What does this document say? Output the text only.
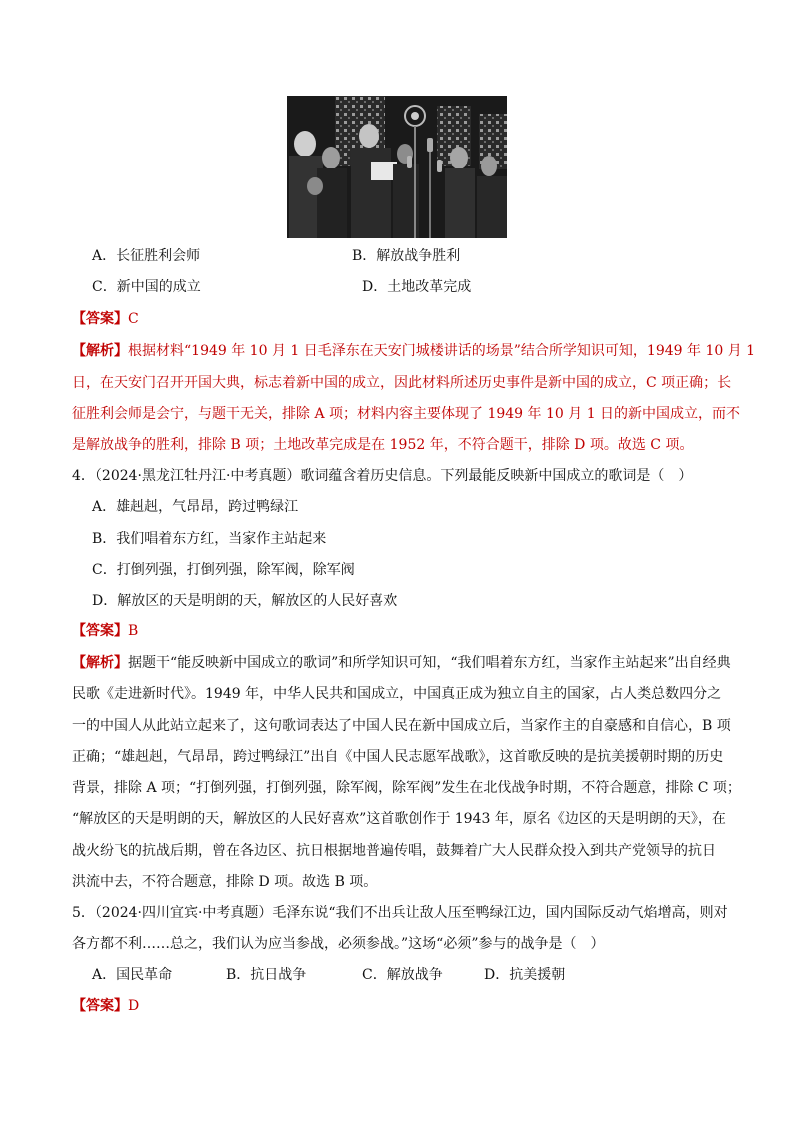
A．长征胜利会师	B．解放战争胜利
C．新中国的成立	D．土地改革完成
【答案】C
【解析】根据材料“1949 年 10 月 1 日毛泽东在天安门城楼讲话的场景”结合所学知识可知，1949 年 10 月 1
日，在天安门召开开国大典，标志着新中国的成立，因此材料所述历史事件是新中国的成立，C 项正确；长
征胜利会师是会宁，与题干无关，排除 A 项；材料内容主要体现了 1949 年 10 月 1 日的新中国成立，而不
是解放战争的胜利，排除 B 项；土地改革完成是在 1952 年，不符合题干，排除 D 项。故选 C 项。
4．（2024·黑龙江牡丹江·中考真题）歌词蕴含着历史信息。下列最能反映新中国成立的歌词是（　）
A．雄赳赳，气昂昂，跨过鸭绿江
B．我们唱着东方红，当家作主站起来
C．打倒列强，打倒列强，除军阀，除军阀
D．解放区的天是明朗的天，解放区的人民好喜欢
【答案】B
【解析】据题干“能反映新中国成立的歌词”和所学知识可知，“我们唱着东方红，当家作主站起来”出自经典
民歌《走进新时代》。1949 年，中华人民共和国成立，中国真正成为独立自主的国家，占人类总数四分之
一的中国人从此站立起来了，这句歌词表达了中国人民在新中国成立后，当家作主的自豪感和自信心，B 项
正确；“雄赳赳，气昂昂，跨过鸭绿江”出自《中国人民志愿军战歌》，这首歌反映的是抗美援朝时期的历史
背景，排除 A 项；“打倒列强，打倒列强，除军阀，除军阀”发生在北伐战争时期，不符合题意，排除 C 项；
“解放区的天是明朗的天，解放区的人民好喜欢”这首歌创作于 1943 年，原名《边区的天是明朗的天》，在
战火纷飞的抗战后期，曾在各边区、抗日根据地普遍传唱，鼓舞着广大人民群众投入到共产党领导的抗日
洪流中去，不符合题意，排除 D 项。故选 B 项。
5．（2024·四川宜宾·中考真题）毛泽东说“我们不出兵让敌人压至鸭绿江边，国内国际反动气焰增高，则对
各方都不利……总之，我们认为应当参战，必须参战。”这场“必须”参与的战争是（　）
A．国民革命	B．抗日战争	C．解放战争	D．抗美援朝
【答案】D
